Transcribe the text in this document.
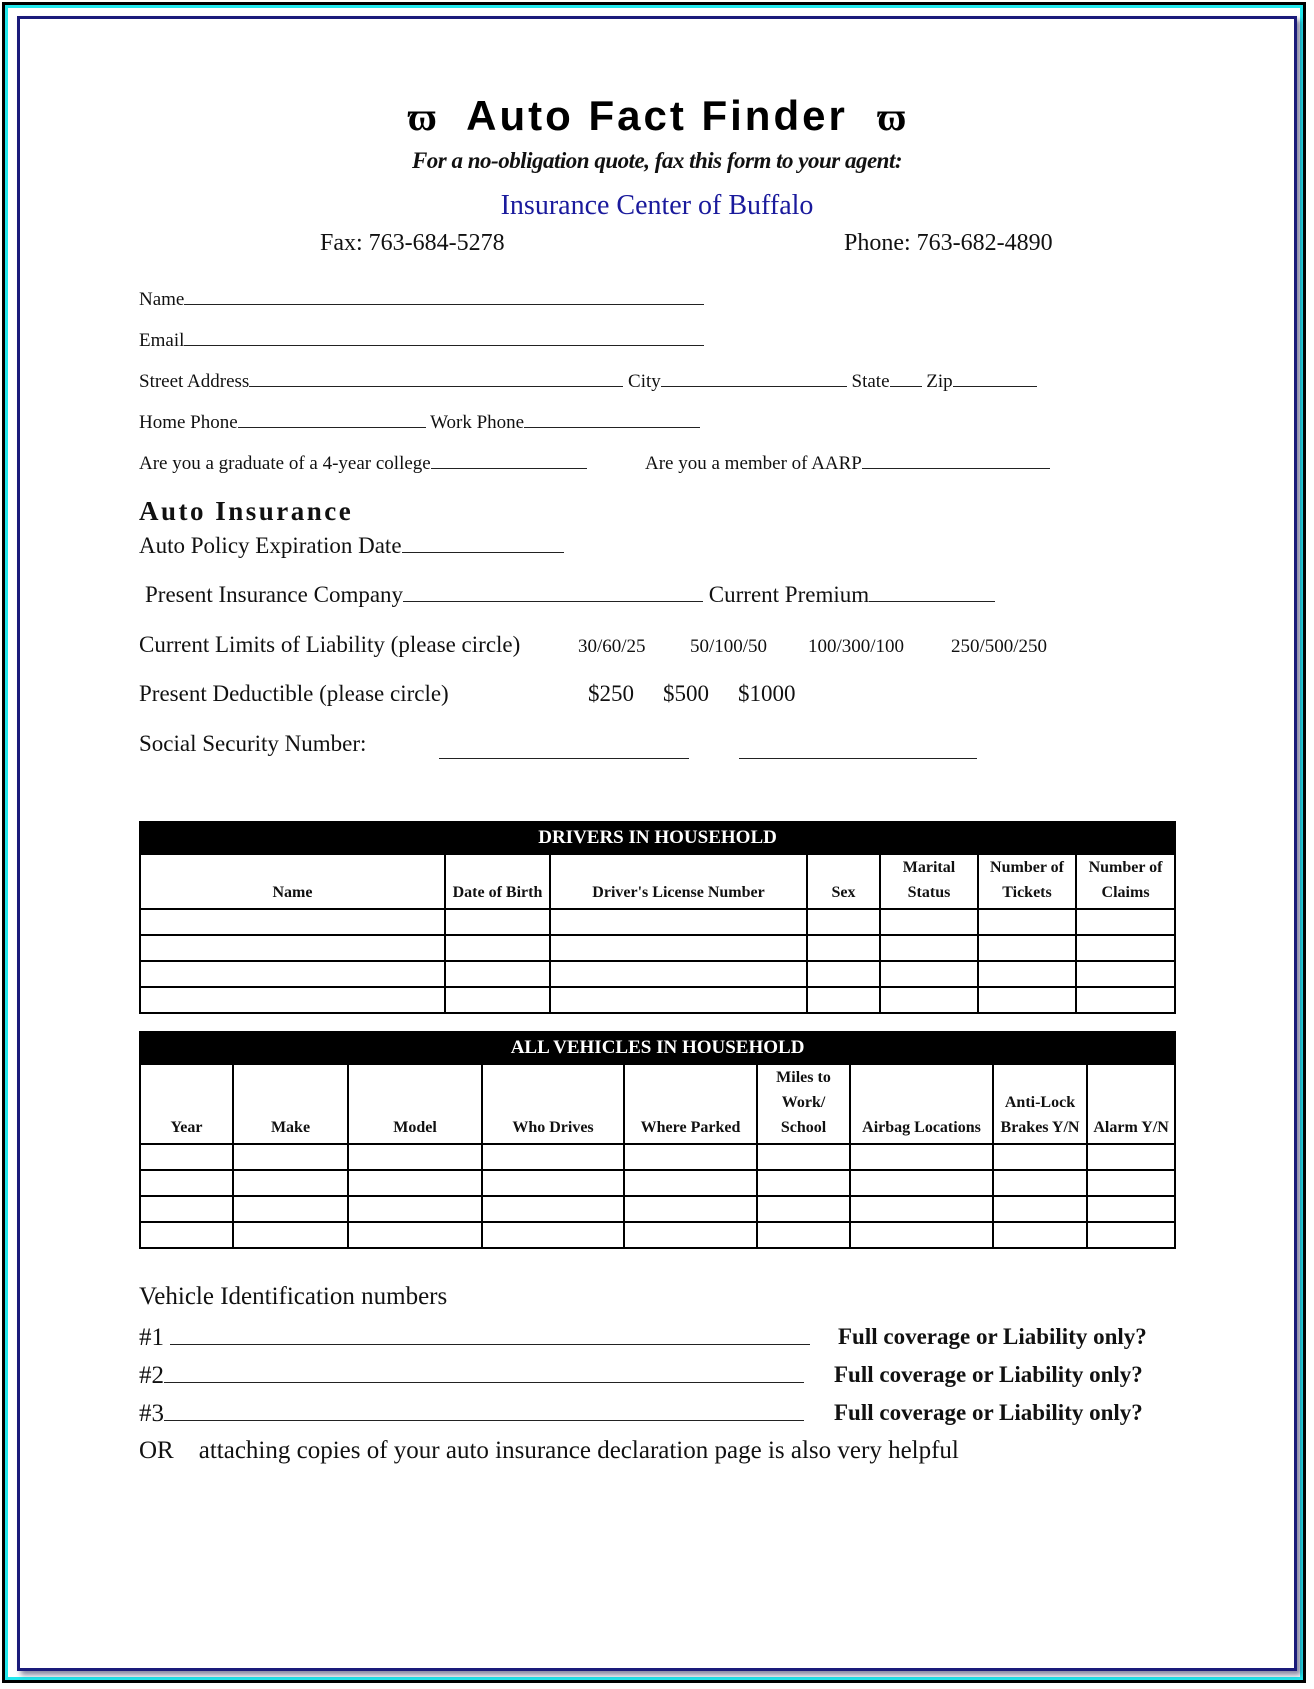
ϖ Auto Fact Finder ϖ
For a no-obligation quote, fax this form to your agent:
Insurance Center of Buffalo
Fax: 763-684-5278	Phone: 763-682-4890
Name
Email
Street Address	City	State Zip
Home Phone	Work Phone
Are you a graduate of a 4-year college	Are you a member of AARP
Auto Insurance
Auto Policy Expiration Date
Present Insurance Company	Current Premium
Current Limits of Liability (please circle)	30/60/25 50/100/50 100/300/100 250/500/250
Present Deductible (please circle)	$250 $500 $1000
Social Security Number:
DRIVERS IN HOUSEHOLD						
Name	Date of Birth	Driver's License Number	Sex	Marital Status	Number of Tickets	Number of Claims

ALL VEHICLES IN HOUSEHOLD								
Year	Make	Model	Who Drives	Where Parked	Miles to Work/ School	Airbag Locations	Anti-Lock Brakes Y/N	Alarm Y/N

Vehicle Identification numbers
#1	Full coverage or Liability only?
#2	Full coverage or Liability only?
#3	Full coverage or Liability only?
OR attaching copies of your auto insurance declaration page is also very helpful
